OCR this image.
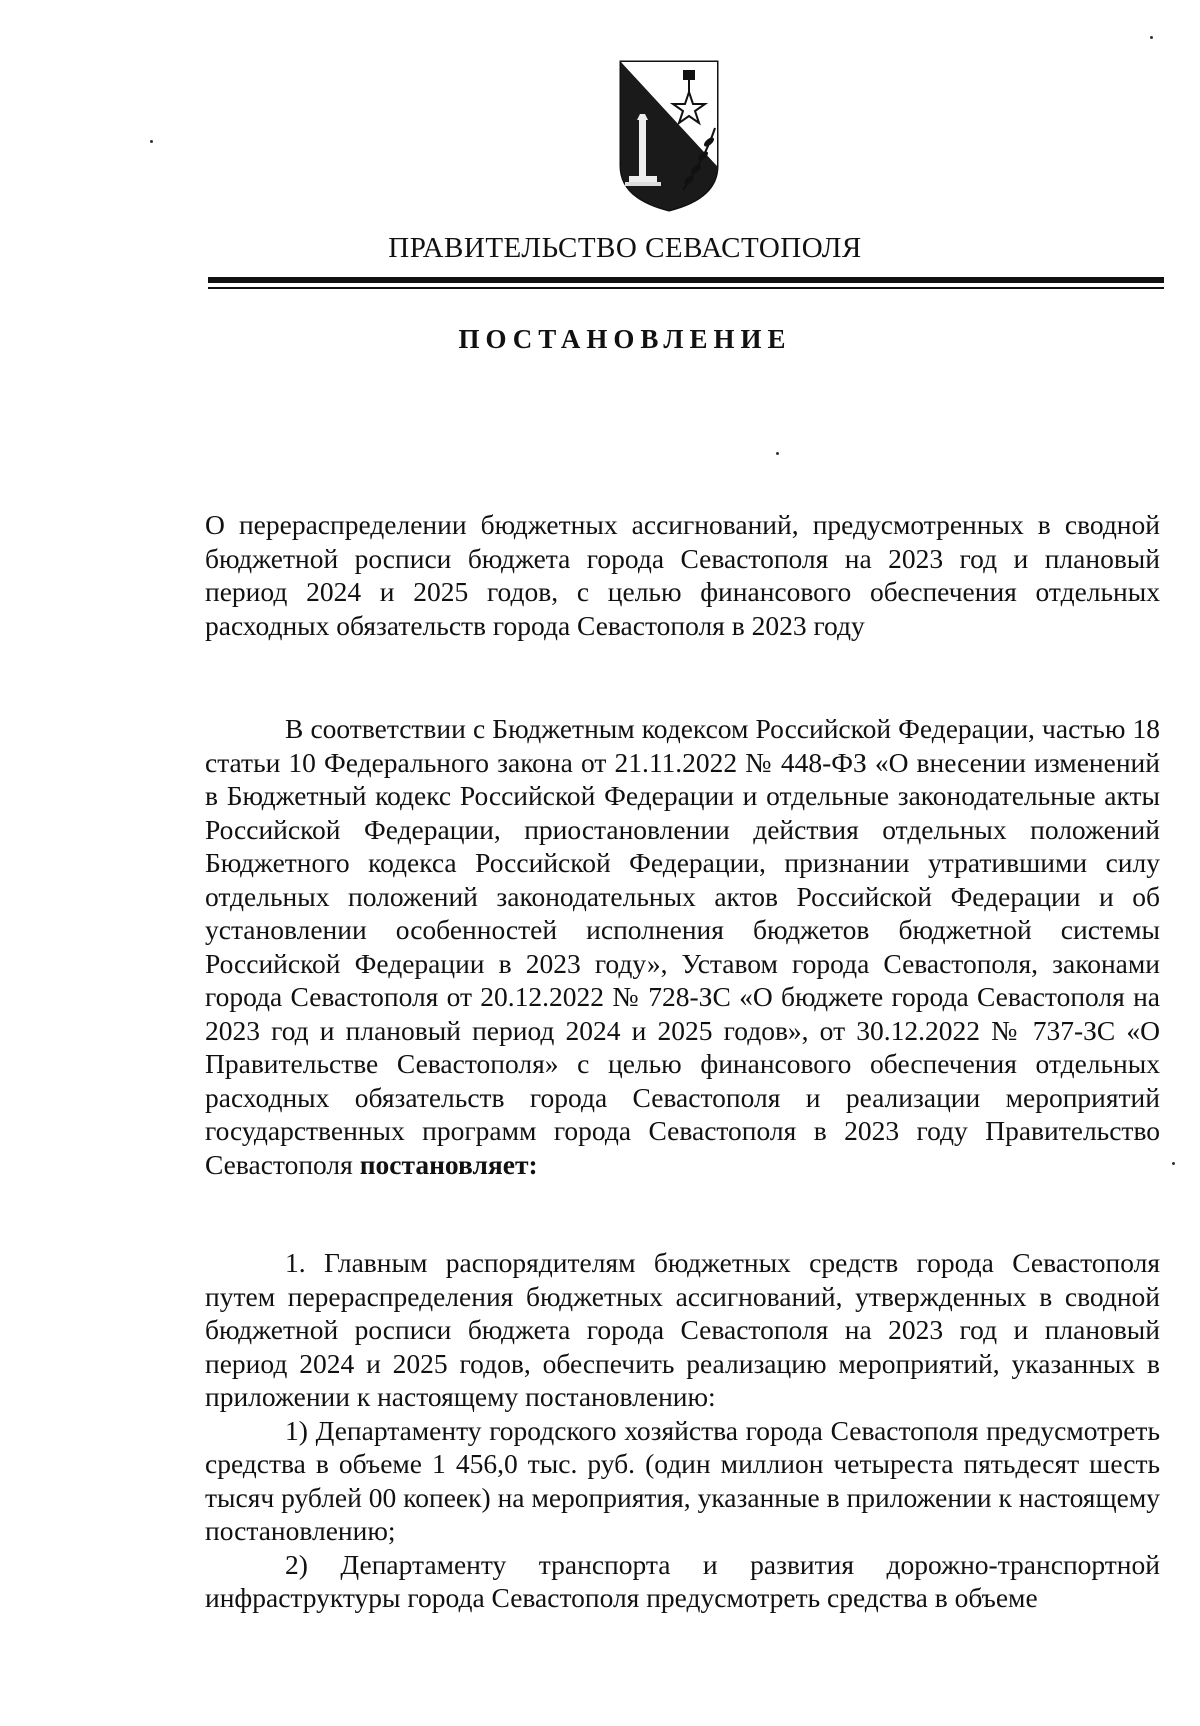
ПРАВИТЕЛЬСТВО СЕВАСТОПОЛЯ
ПОСТАНОВЛЕНИЕ

О перераспределении бюджетных ассигнований, предусмотренных в сводной бюджетной росписи бюджета города Севастополя на 2023 год и плановый период 2024 и 2025 годов, с целью финансового обеспечения отдельных расходных обязательств города Севастополя в 2023 году

В соответствии с Бюджетным кодексом Российской Федерации, частью 18 статьи 10 Федерального закона от 21.11.2022 № 448-ФЗ «О внесении изменений в Бюджетный кодекс Российской Федерации и отдельные законодательные акты Российской Федерации, приостановлении действия отдельных положений Бюджетного кодекса Российской Федерации, признании утратившими силу отдельных положений законодательных актов Российской Федерации и об установлении особенностей исполнения бюджетов бюджетной системы Российской Федерации в 2023 году», Уставом города Севастополя, законами города Севастополя от 20.12.2022 № 728-ЗС «О бюджете города Севастополя на 2023 год и плановый период 2024 и 2025 годов», от 30.12.2022 № 737-ЗС «О Правительстве Севастополя» с целью финансового обеспечения отдельных расходных обязательств города Севастополя и реализации мероприятий государственных программ города Севастополя в 2023 году Правительство Севастополя постановляет:

1. Главным распорядителям бюджетных средств города Севастополя путем перераспределения бюджетных ассигнований, утвержденных в сводной бюджетной росписи бюджета города Севастополя на 2023 год и плановый период 2024 и 2025 годов, обеспечить реализацию мероприятий, указанных в приложении к настоящему постановлению:

1) Департаменту городского хозяйства города Севастополя предусмотреть средства в объеме 1 456,0 тыс. руб. (один миллион четыреста пятьдесят шесть тысяч рублей 00 копеек) на мероприятия, указанные в приложении к настоящему постановлению;

2) Департаменту транспорта и развития дорожно-транспортной инфраструктуры города Севастополя предусмотреть средства в объеме
